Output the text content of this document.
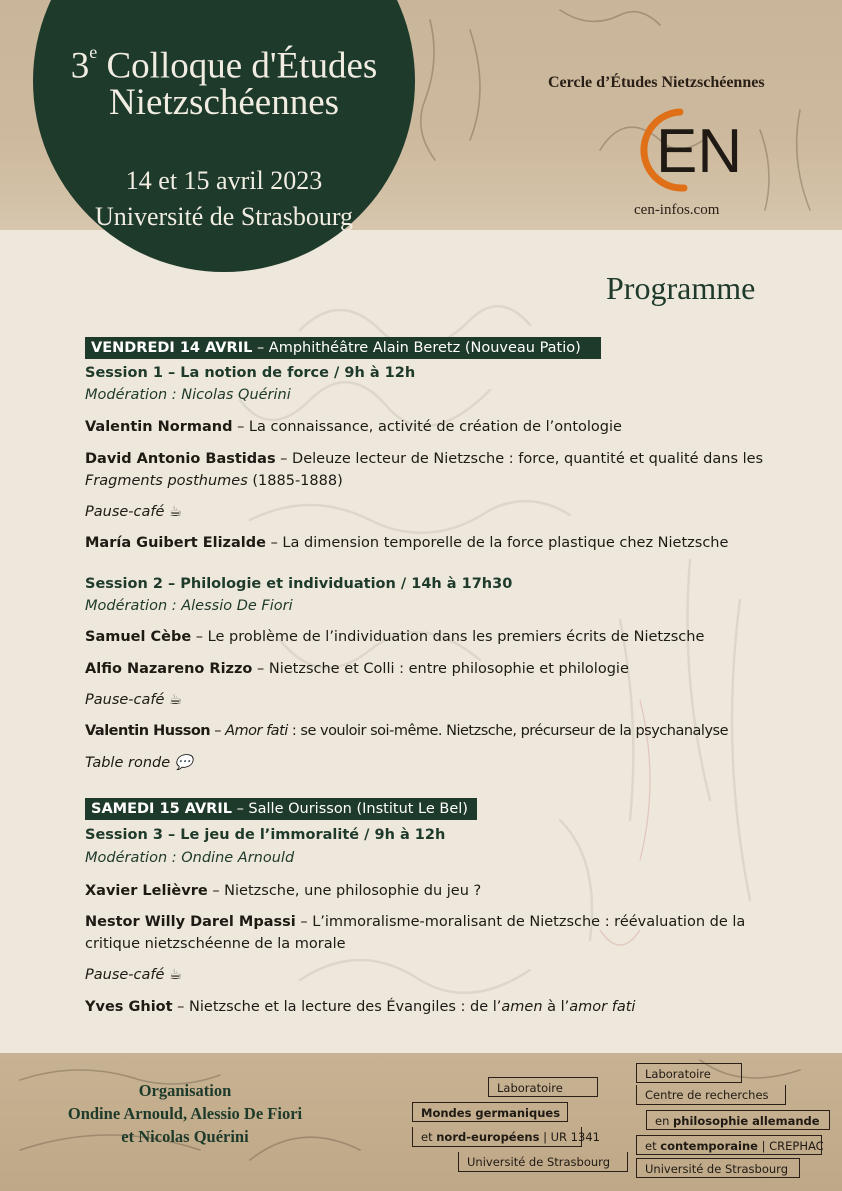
3e Colloque d'Études
Nietzschéennes
14 et 15 avril 2023
Université de Strasbourg
Cercle d’Études Nietzschéennes
EN
cen-infos.com
Programme
VENDREDI 14 AVRIL – Amphithéâtre Alain Beretz (Nouveau Patio)
Session 1 – La notion de force / 9h à 12h
Modération : Nicolas Quérini
Valentin Normand – La connaissance, activité de création de l’ontologie
David Antonio Bastidas – Deleuze lecteur de Nietzsche : force, quantité et qualité dans les Fragments posthumes (1885-1888)
Pause-café ☕
María Guibert Elizalde – La dimension temporelle de la force plastique chez Nietzsche
Session 2 – Philologie et individuation / 14h à 17h30
Modération : Alessio De Fiori
Samuel Cèbe – Le problème de l’individuation dans les premiers écrits de Nietzsche
Alfio Nazareno Rizzo – Nietzsche et Colli : entre philosophie et philologie
Pause-café ☕
Valentin Husson – Amor fati : se vouloir soi-même. Nietzsche, précurseur de la psychanalyse
Table ronde 💬
SAMEDI 15 AVRIL – Salle Ourisson (Institut Le Bel)
Session 3 – Le jeu de l’immoralité / 9h à 12h
Modération : Ondine Arnould
Xavier Lelièvre – Nietzsche, une philosophie du jeu ?
Nestor Willy Darel Mpassi – L’immoralisme-moralisant de Nietzsche : réévaluation de la critique nietzschéenne de la morale
Pause-café ☕
Yves Ghiot – Nietzsche et la lecture des Évangiles : de l’amen à l’amor fati
Organisation
Ondine Arnould, Alessio De Fiori
et Nicolas Quérini
Laboratoire
Mondes germaniques
et nord-européens | UR 1341
Université de Strasbourg
Laboratoire
Centre de recherches
en philosophie allemande
et contemporaine | CREPHAC
Université de Strasbourg
